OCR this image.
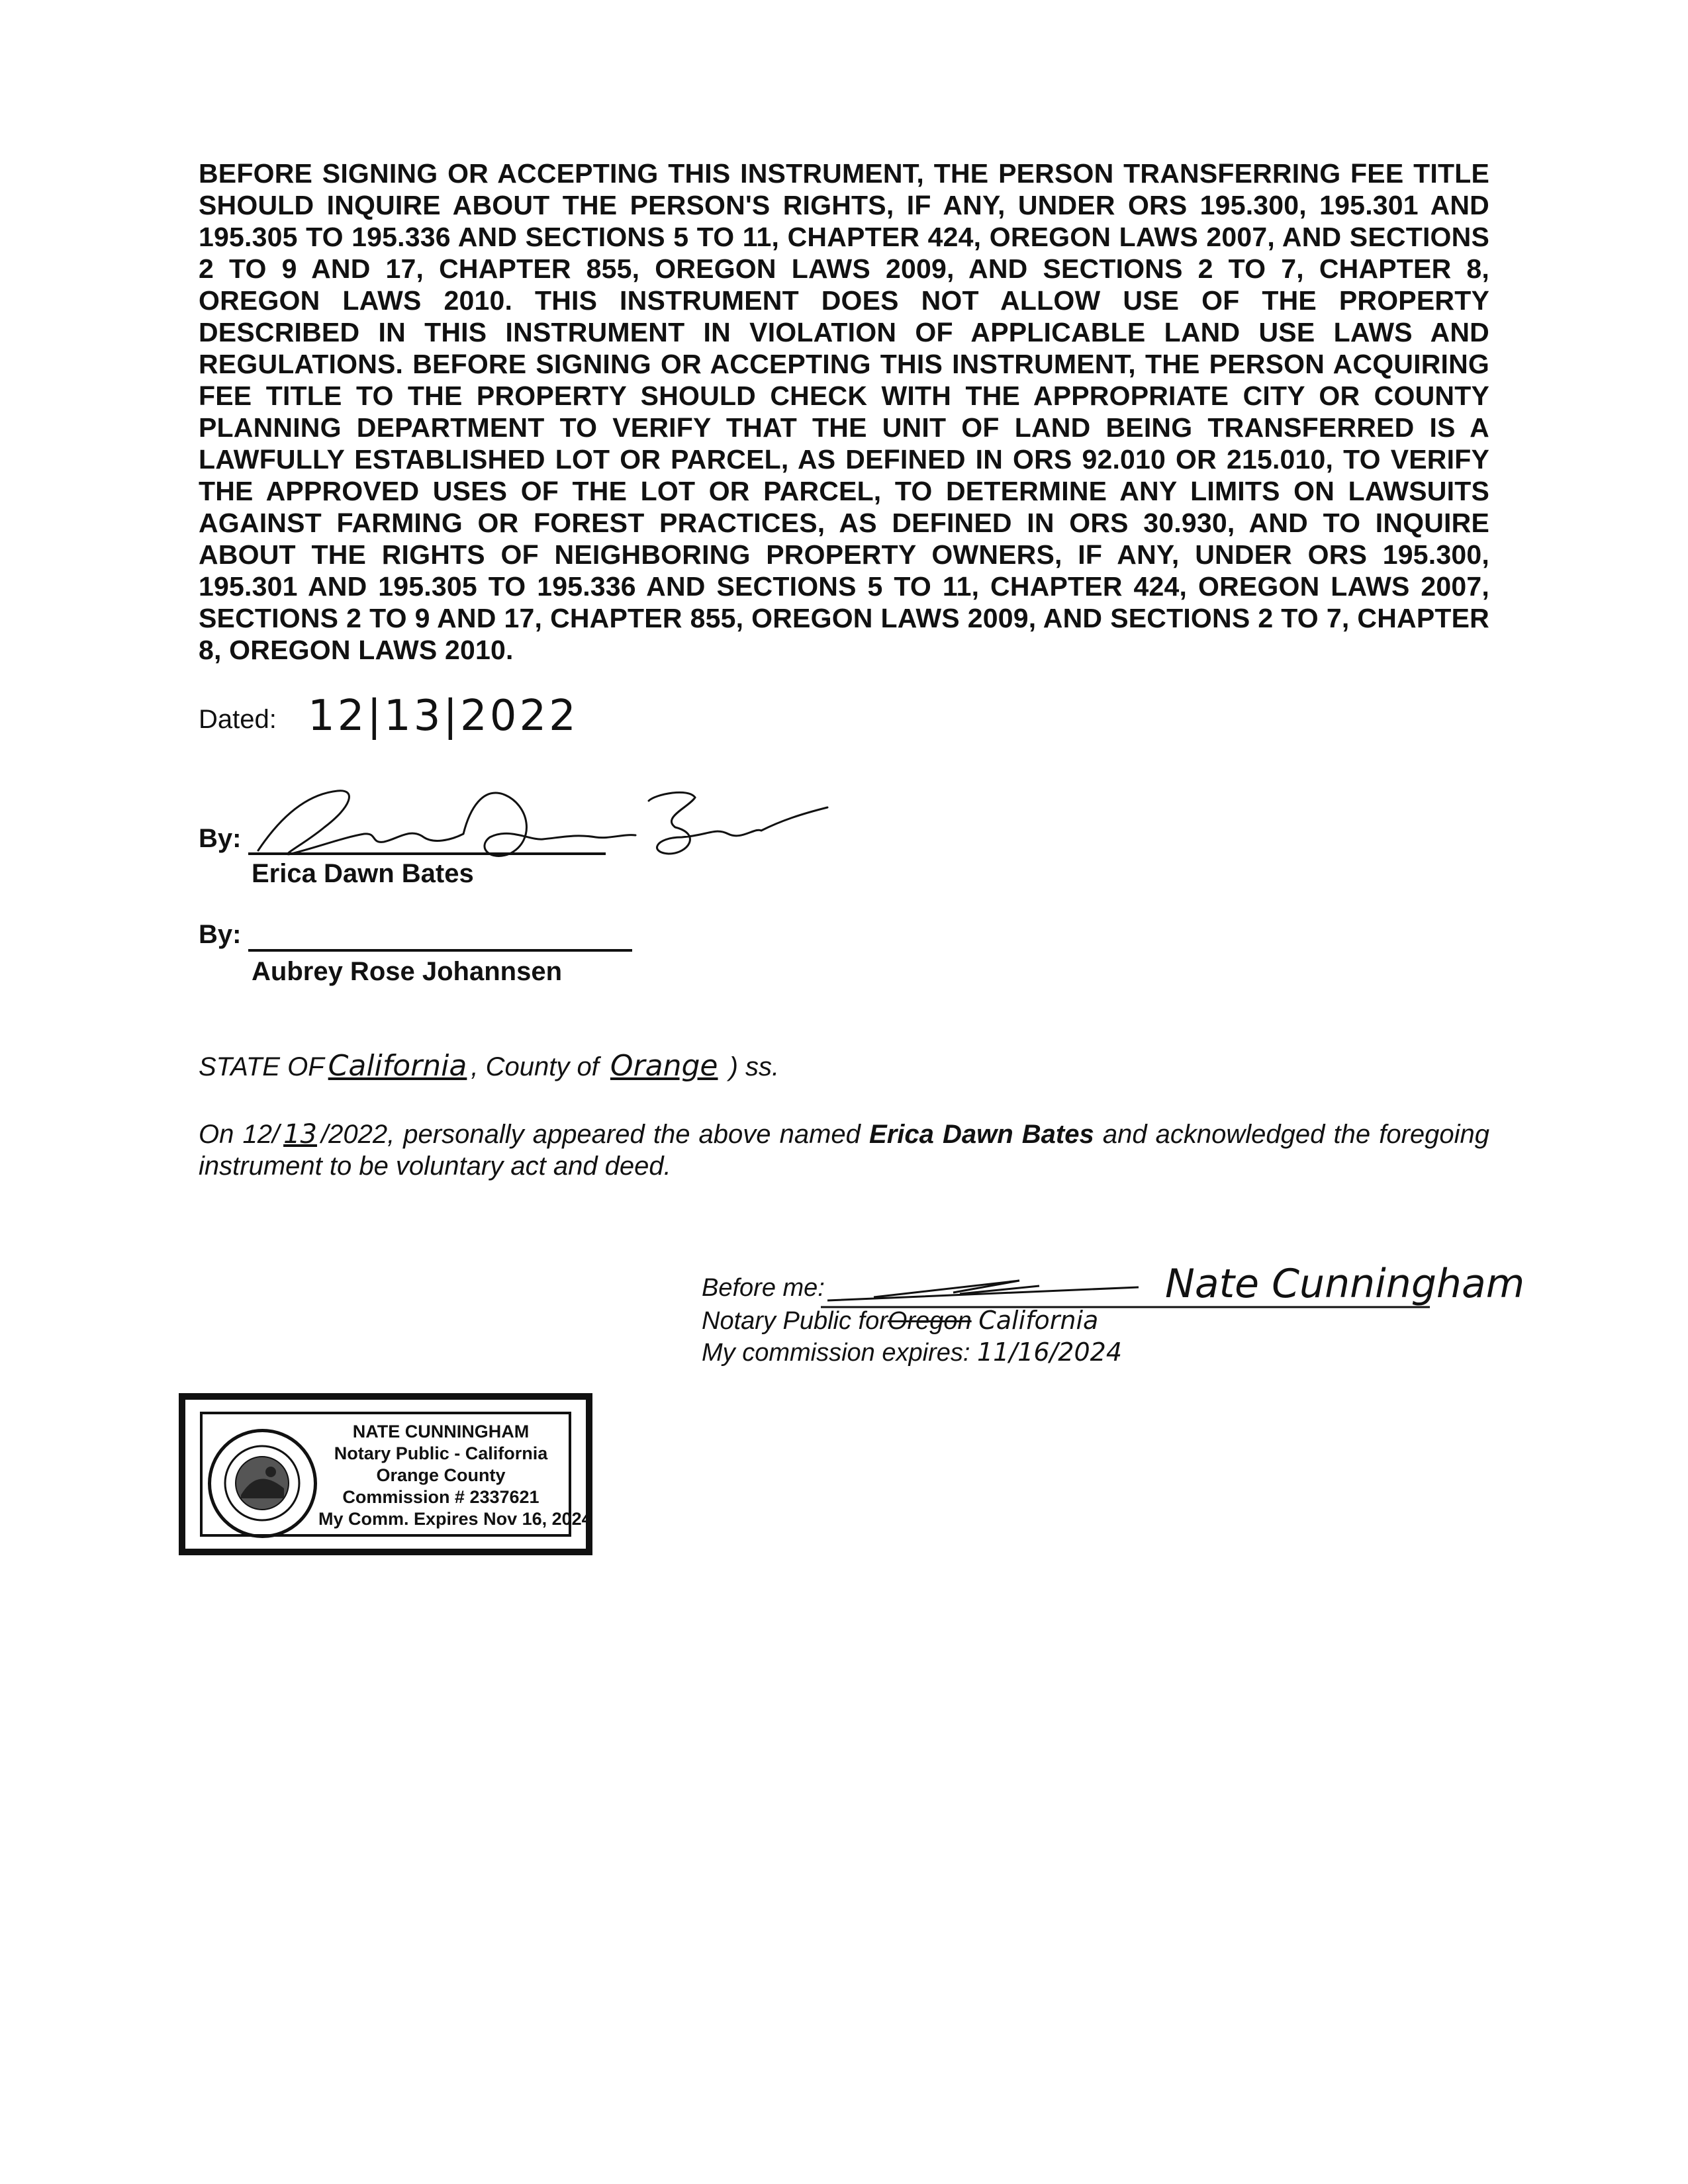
BEFORE SIGNING OR ACCEPTING THIS INSTRUMENT, THE PERSON TRANSFERRING FEE TITLE SHOULD INQUIRE ABOUT THE PERSON'S RIGHTS, IF ANY, UNDER ORS 195.300, 195.301 AND 195.305 TO 195.336 AND SECTIONS 5 TO 11, CHAPTER 424, OREGON LAWS 2007, AND SECTIONS 2 TO 9 AND 17, CHAPTER 855, OREGON LAWS 2009, AND SECTIONS 2 TO 7, CHAPTER 8, OREGON LAWS 2010. THIS INSTRUMENT DOES NOT ALLOW USE OF THE PROPERTY DESCRIBED IN THIS INSTRUMENT IN VIOLATION OF APPLICABLE LAND USE LAWS AND REGULATIONS. BEFORE SIGNING OR ACCEPTING THIS INSTRUMENT, THE PERSON ACQUIRING FEE TITLE TO THE PROPERTY SHOULD CHECK WITH THE APPROPRIATE CITY OR COUNTY PLANNING DEPARTMENT TO VERIFY THAT THE UNIT OF LAND BEING TRANSFERRED IS A LAWFULLY ESTABLISHED LOT OR PARCEL, AS DEFINED IN ORS 92.010 OR 215.010, TO VERIFY THE APPROVED USES OF THE LOT OR PARCEL, TO DETERMINE ANY LIMITS ON LAWSUITS AGAINST FARMING OR FOREST PRACTICES, AS DEFINED IN ORS 30.930, AND TO INQUIRE ABOUT THE RIGHTS OF NEIGHBORING PROPERTY OWNERS, IF ANY, UNDER ORS 195.300, 195.301 AND 195.305 TO 195.336 AND SECTIONS 5 TO 11, CHAPTER 424, OREGON LAWS 2007, SECTIONS 2 TO 9 AND 17, CHAPTER 855, OREGON LAWS 2009, AND SECTIONS 2 TO 7, CHAPTER 8, OREGON LAWS 2010.

Dated: 12|13|2022
By:
Erica Dawn Bates
By:
Aubrey Rose Johannsen
STATE OF California , County of Orange ) ss.

On 12/ 13 /2022, personally appeared the above named Erica Dawn Bates and acknowledged the foregoing instrument to be voluntary act and deed.

Before me:	Nate Cunningham
Notary Public forOregon California
My commission expires: 11/16/2024
NATE CUNNINGHAM
Notary Public - California
Orange County
Commission # 2337621
My Comm. Expires Nov 16, 2024
